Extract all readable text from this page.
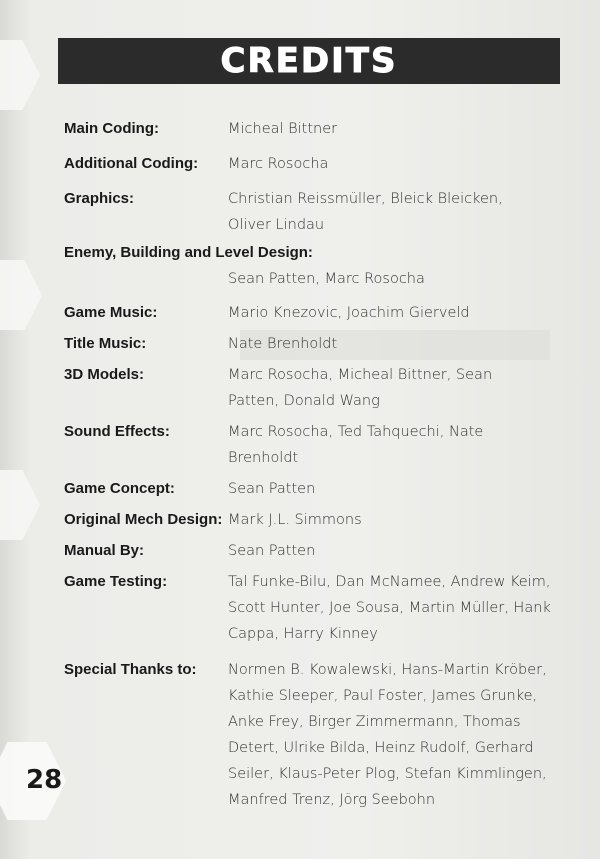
CREDITS
Main Coding:	Micheal Bittner
Additional Coding:	Marc Rosocha
Graphics:	Christian Reissmüller, Bleick Bleicken, Oliver Lindau
Enemy, Building and Level Design:
Sean Patten, Marc Rosocha
Game Music:	Mario Knezovic, Joachim Gierveld
Title Music:	Nate Brenholdt
3D Models:	Marc Rosocha, Micheal Bittner, Sean Patten, Donald Wang
Sound Effects:	Marc Rosocha, Ted Tahquechi, Nate Brenholdt
Game Concept:	Sean Patten
Original Mech Design: Mark J.L. Simmons
Manual By:	Sean Patten
Game Testing:	Tal Funke-Bilu, Dan McNamee, Andrew Keim, Scott Hunter, Joe Sousa, Martin Müller, Hank Cappa, Harry Kinney
Special Thanks to:	Normen B. Kowalewski, Hans-Martin Kröber, Kathie Sleeper, Paul Foster, James Grunke, Anke Frey, Birger Zimmermann, Thomas Detert, Ulrike Bilda, Heinz Rudolf, Gerhard Seiler, Klaus-Peter Plog, Stefan Kimmlingen, Manfred Trenz, Jörg Seebohn
28
